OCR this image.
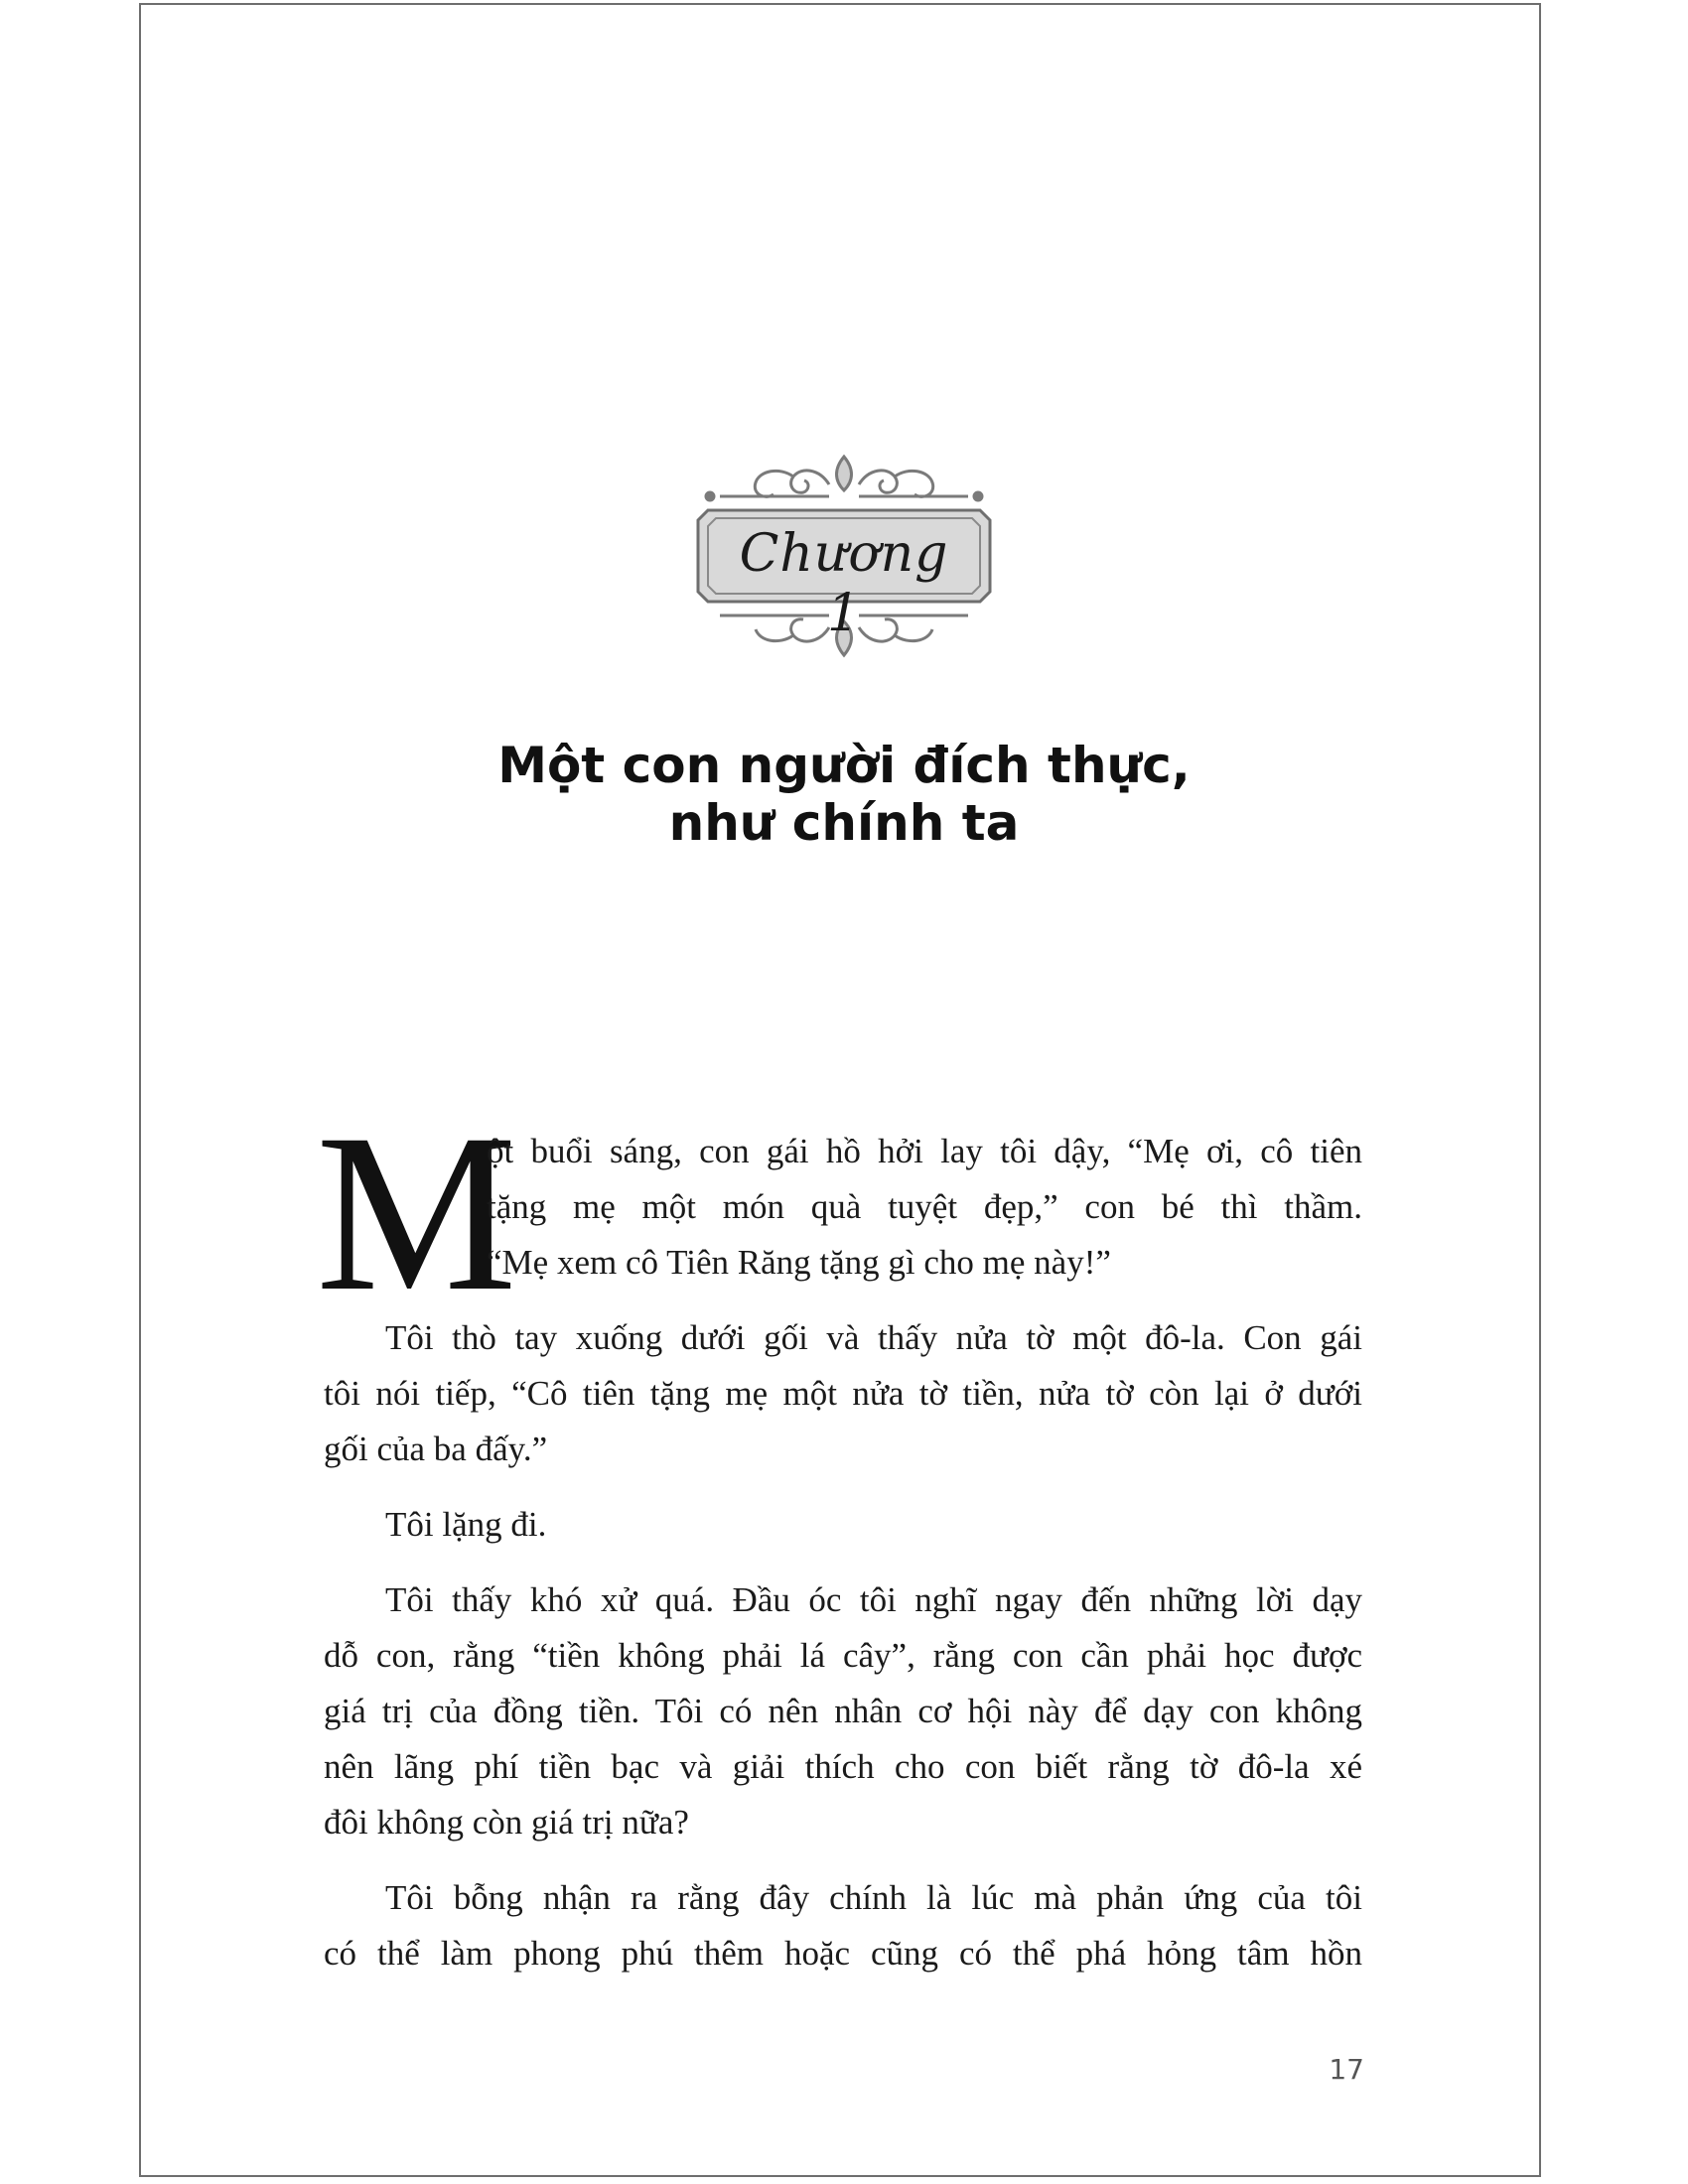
Chương 1
Một con người đích thực,
như chính ta
M
ột buổi sáng, con gái hồ hởi lay tôi dậy, “Mẹ ơi, cô tiên
tặng mẹ một món quà tuyệt đẹp,” con bé thì thầm.
“Mẹ xem cô Tiên Răng tặng gì cho mẹ này!”
Tôi thò tay xuống dưới gối và thấy nửa tờ một đô-la. Con gái
tôi nói tiếp, “Cô tiên tặng mẹ một nửa tờ tiền, nửa tờ còn lại ở dưới
gối của ba đấy.”
Tôi lặng đi.
Tôi thấy khó xử quá. Đầu óc tôi nghĩ ngay đến những lời dạy
dỗ con, rằng “tiền không phải lá cây”, rằng con cần phải học được
giá trị của đồng tiền. Tôi có nên nhân cơ hội này để dạy con không
nên lãng phí tiền bạc và giải thích cho con biết rằng tờ đô-la xé
đôi không còn giá trị nữa?
Tôi bỗng nhận ra rằng đây chính là lúc mà phản ứng của tôi
có thể làm phong phú thêm hoặc cũng có thể phá hỏng tâm hồn
17
